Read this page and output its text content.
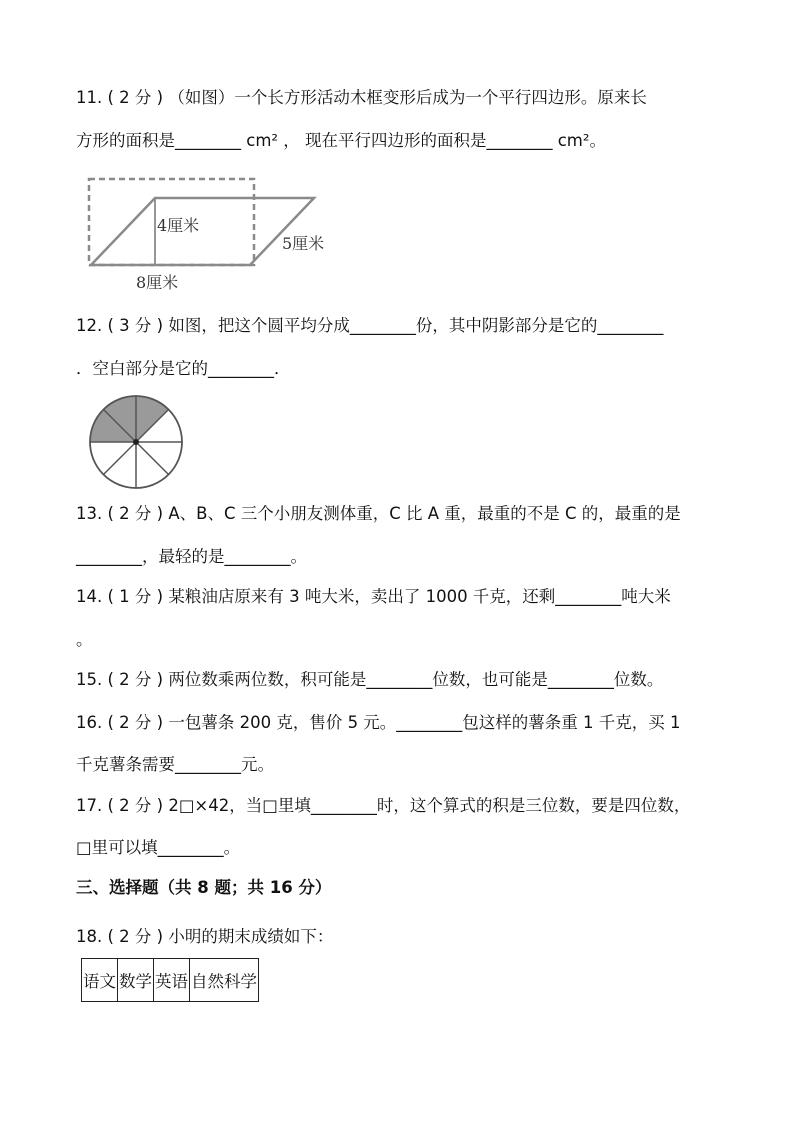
11. ( 2 分 ) （如图）一个长方形活动木框变形后成为一个平行四边形。原来长
方形的面积是________ cm² ， 现在平行四边形的面积是________ cm²。
4厘米
5厘米
8厘米
12. ( 3 分 ) 如图，把这个圆平均分成________份，其中阴影部分是它的________
．空白部分是它的________．
13. ( 2 分 ) A、B、C 三个小朋友测体重，C 比 A 重，最重的不是 C 的，最重的是
________，最轻的是________。
14. ( 1 分 ) 某粮油店原来有 3 吨大米，卖出了 1000 千克，还剩________吨大米
。
15. ( 2 分 ) 两位数乘两位数，积可能是________位数，也可能是________位数。
16. ( 2 分 ) 一包薯条 200 克，售价 5 元。________包这样的薯条重 1 千克，买 1
千克薯条需要________元。
17. ( 2 分 ) 2□×42，当□里填________时，这个算式的积是三位数，要是四位数，
□里可以填________。
三、选择题（共 8 题；共 16 分）
18. ( 2 分 ) 小明的期末成绩如下：
语文	数学	英语	自然科学
